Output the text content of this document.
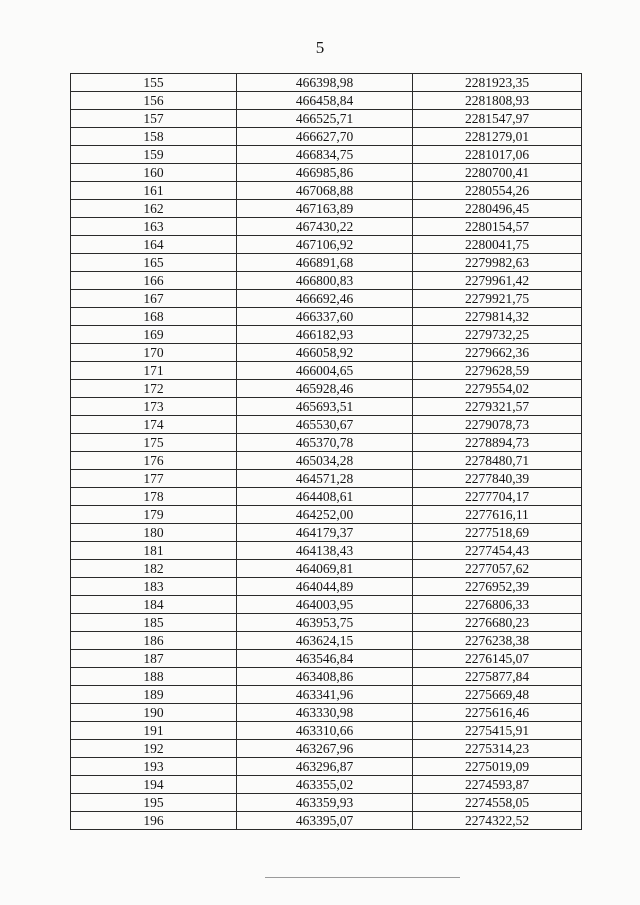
5
155	466398,98	2281923,35
156	466458,84	2281808,93
157	466525,71	2281547,97
158	466627,70	2281279,01
159	466834,75	2281017,06
160	466985,86	2280700,41
161	467068,88	2280554,26
162	467163,89	2280496,45
163	467430,22	2280154,57
164	467106,92	2280041,75
165	466891,68	2279982,63
166	466800,83	2279961,42
167	466692,46	2279921,75
168	466337,60	2279814,32
169	466182,93	2279732,25
170	466058,92	2279662,36
171	466004,65	2279628,59
172	465928,46	2279554,02
173	465693,51	2279321,57
174	465530,67	2279078,73
175	465370,78	2278894,73
176	465034,28	2278480,71
177	464571,28	2277840,39
178	464408,61	2277704,17
179	464252,00	2277616,11
180	464179,37	2277518,69
181	464138,43	2277454,43
182	464069,81	2277057,62
183	464044,89	2276952,39
184	464003,95	2276806,33
185	463953,75	2276680,23
186	463624,15	2276238,38
187	463546,84	2276145,07
188	463408,86	2275877,84
189	463341,96	2275669,48
190	463330,98	2275616,46
191	463310,66	2275415,91
192	463267,96	2275314,23
193	463296,87	2275019,09
194	463355,02	2274593,87
195	463359,93	2274558,05
196	463395,07	2274322,52
